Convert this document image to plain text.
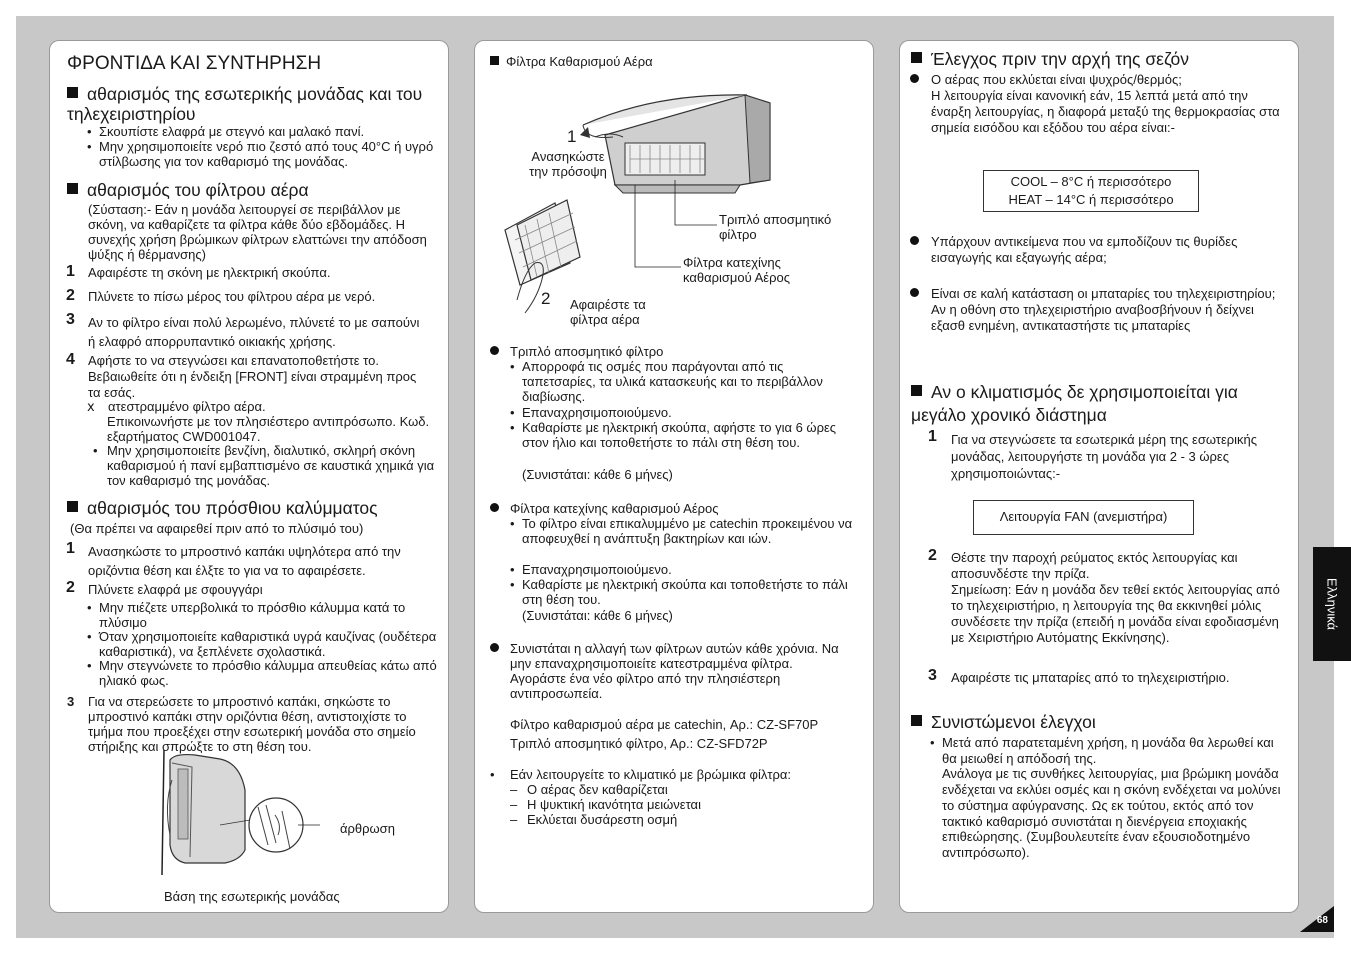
ΦΡΟΝΤΙΔΑ ΚΑΙ ΣΥΝΤΗΡΗΣΗ
αθαρισμός της εσωτερικής μονάδας και του τηλεχειριστηρίου
• Σκουπίστε ελαφρά με στεγνό και μαλακό πανί.
• Μην χρησιμοποιείτε νερό πιο ζεστό από τους 40°C ή υγρό στίλβωσης για τον καθαρισμό της μονάδας.
αθαρισμός του φίλτρου αέρα
(Σύσταση:- Εάν η μονάδα λειτουργεί σε περιβάλλον με σκόνη, να καθαρίζετε τα φίλτρα κάθε δύο εβδομάδες. Η συνεχής χρήση βρώμικων φίλτρων ελαττώνει την απόδοση ψύξης ή θέρμανσης)
1 Αφαιρέστε τη σκόνη με ηλεκτρική σκούπα.
2 Πλύνετε το πίσω μέρος του φίλτρου αέρα με νερό.
3 Αν το φίλτρο είναι πολύ λερωμένο, πλύνετέ το με σαπούνι ή ελαφρό απορρυπαντικό οικιακής χρήσης.
4 Αφήστε το να στεγνώσει και επανατοποθετήστε το. Βεβαιωθείτε ότι η ένδειξη [FRONT] είναι στραμμένη προς τα εσάς.
ⅹ ατεστραμμένο φίλτρο αέρα.
Επικοινωνήστε με τον πλησιέστερο αντιπρόσωπο. Κωδ. εξαρτήματος CWD001047.
• Μην χρησιμοποιείτε βενζίνη, διαλυτικό, σκληρή σκόνη καθαρισμού ή πανί εμβαπτισμένο σε καυστικά χημικά για τον καθαρισμό της μονάδας.
αθαρισμός του πρόσθιου καλύμματος
(Θα πρέπει να αφαιρεθεί πριν από το πλύσιμό του)
1 Ανασηκώστε το μπροστινό καπάκι υψηλότερα από την οριζόντια θέση και έλξτε το για να το αφαιρέσετε.
2 Πλύνετε ελαφρά με σφουγγάρι
• Μην πιέζετε υπερβολικά το πρόσθιο κάλυμμα κατά το πλύσιμο
• Όταν χρησιμοποιείτε καθαριστικά υγρά καυζίνας (ουδέτερα καθαριστικά), να ξεπλένετε σχολαστικά.
• Μην στεγνώνετε το πρόσθιο κάλυμμα απευθείας κάτω από ηλιακό φως.
3 Για να στερεώσετε το μπροστινό καπάκι, σηκώστε το μπροστινό καπάκι στην οριζόντια θέση, αντιστοιχίστε το τμήμα που προεξέχει στην εσωτερική μονάδα στο σημείο στήριξης και σπρώξτε το στη θέση του.
άρθρωση
Βάση της εσωτερικής μονάδας
Φίλτρα Καθαρισμού Αέρα
1
Ανασηκώστε την πρόσοψη
Τριπλό αποσμητικό φίλτρο
Φίλτρα κατεχίνης καθαρισμού Αέρος
2 Αφαιρέστε τα φίλτρα αέρα
Τριπλό αποσμητικό φίλτρο
• Απορροφά τις οσμές που παράγονται από τις ταπετσαρίες, τα υλικά κατασκευής και το περιβάλλον διαβίωσης.
• Επαναχρησιμοποιούμενο.
• Καθαρίστε με ηλεκτρική σκούπα, αφήστε το για 6 ώρες στον ήλιο και τοποθετήστε το πάλι στη θέση του.
(Συνιστάται: κάθε 6 μήνες)
Φίλτρα κατεχίνης καθαρισμού Αέρος
• Το φίλτρο είναι επικαλυμμένο με catechin προκειμένου να αποφευχθεί η ανάπτυξη βακτηρίων και ιών.
• Επαναχρησιμοποιούμενο.
• Καθαρίστε με ηλεκτρική σκούπα και τοποθετήστε το πάλι στη θέση του.
(Συνιστάται: κάθε 6 μήνες)
Συνιστάται η αλλαγή των φίλτρων αυτών κάθε χρόνια. Να μην επαναχρησιμοποιείτε κατεστραμμένα φίλτρα. Αγοράστε ένα νέο φίλτρο από την πλησιέστερη αντιπροσωπεία.
Φίλτρο καθαρισμού αέρα με catechin, Αρ.: CZ-SF70P
Τριπλό αποσμητικό φίλτρο, Αρ.: CZ-SFD72P
• Εάν λειτουργείτε το κλιματικό με βρώμικα φίλτρα:
– Ο αέρας δεν καθαρίζεται
– Η ψυκτική ικανότητα μειώνεται
– Εκλύεται δυσάρεστη οσμή
Έλεγχος πριν την αρχή της σεζόν
Ο αέρας που εκλύεται είναι ψυχρός/θερμός;
Η λειτουργία είναι κανονική εάν, 15 λεπτά μετά από την έναρξη λειτουργίας, η διαφορά μεταξύ της θερμοκρασίας στα σημεία εισόδου και εξόδου του αέρα είναι:-
COOL – 8°C ή περισσότερο
HEAT – 14°C ή περισσότερο
Υπάρχουν αντικείμενα που να εμποδίζουν τις θυρίδες εισαγωγής και εξαγωγής αέρα;
Είναι σε καλή κατάσταση οι μπαταρίες του τηλεχειριστηρίου;
Αν η οθόνη στο τηλεχειριστήριο αναβοσβήνουν ή δείχνει εξασθ ενημένη, αντικαταστήστε τις μπαταρίες
Αν ο κλιματισμός δε χρησιμοποιείται για μεγάλο χρονικό διάστημα
1 Για να στεγνώσετε τα εσωτερικά μέρη της εσωτερικής μονάδας, λειτουργήστε τη μονάδα για 2 - 3 ώρες χρησιμοποιώντας:-
Λειτουργία FAN (ανεμιστήρα)
2 Θέστε την παροχή ρεύματος εκτός λειτουργίας και αποσυνδέστε την πρίζα.
Σημείωση: Εάν η μονάδα δεν τεθεί εκτός λειτουργίας από το τηλεχειριστήριο, η λειτουργία της θα εκκινηθεί μόλις συνδέσετε την πρίζα (επειδή η μονάδα είναι εφοδιασμένη με Χειριστήριο Αυτόματης Εκκίνησης).
3 Αφαιρέστε τις μπαταρίες από το τηλεχειριστήριο.
Συνιστώμενοι έλεγχοι
• Μετά από παρατεταμένη χρήση, η μονάδα θα λερωθεί και θα μειωθεί η απόδοσή της.
Ανάλογα με τις συνθήκες λειτουργίας, μια βρώμικη μονάδα ενδέχεται να εκλύει οσμές και η σκόνη ενδέχεται να μολύνει το σύστημα αφύγρανσης. Ως εκ τούτου, εκτός από τον τακτικό καθαρισμό συνιστάται η διενέργεια εποχιακής επιθεώρησης. (Συμβουλευτείτε έναν εξουσιοδοτημένο αντιπρόσωπο).
Ελληνικά
68
